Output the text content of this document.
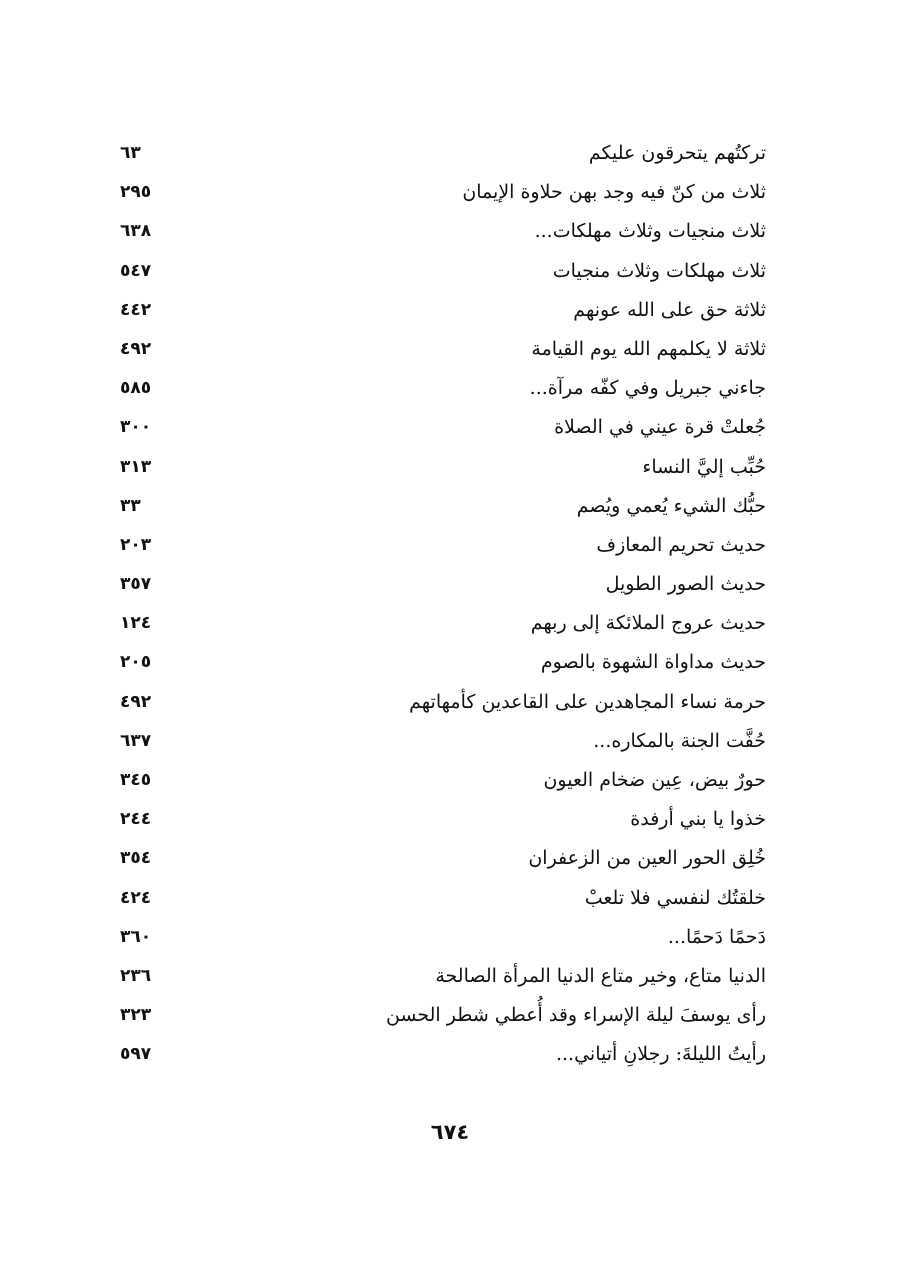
تركتُهم يتحرقون عليكم
٦٣
ثلاث من كنّ فيه وجد بهن حلاوة الإيمان
٢٩٥
ثلاث منجيات وثلاث مهلكات...
٦٣٨
ثلاث مهلكات وثلاث منجيات
٥٤٧
ثلاثة حق على الله عونهم
٤٤٢
ثلاثة لا يكلمهم الله يوم القيامة
٤٩٢
جاءني جبريل وفي كفّه مرآة...
٥٨٥
جُعلتْ قرة عيني في الصلاة
٣٠٠
حُبِّب إليَّ النساء
٣١٣
حبُّك الشيء يُعمي ويُصم
٣٣
حديث تحريم المعازف
٢٠٣
حديث الصور الطويل
٣٥٧
حديث عروج الملائكة إلى ربهم
١٢٤
حديث مداواة الشهوة بالصوم
٢٠٥
حرمة نساء المجاهدين على القاعدين كأمهاتهم
٤٩٢
حُفَّت الجنة بالمكاره...
٦٣٧
حورٌ بيض، عِين ضخام العيون
٣٤٥
خذوا يا بني أرفدة
٢٤٤
خُلِق الحور العين من الزعفران
٣٥٤
خلقتُك لنفسي فلا تلعبْ
٤٢٤
دَحمًا دَحمًا...
٣٦٠
الدنيا متاع، وخير متاع الدنيا المرأة الصالحة
٢٣٦
رأى يوسفَ ليلة الإسراء وقد أُعطي شطر الحسن
٣٢٣
رأيتُ الليلةَ: رجلانِ أتياني...
٥٩٧
٦٧٤
